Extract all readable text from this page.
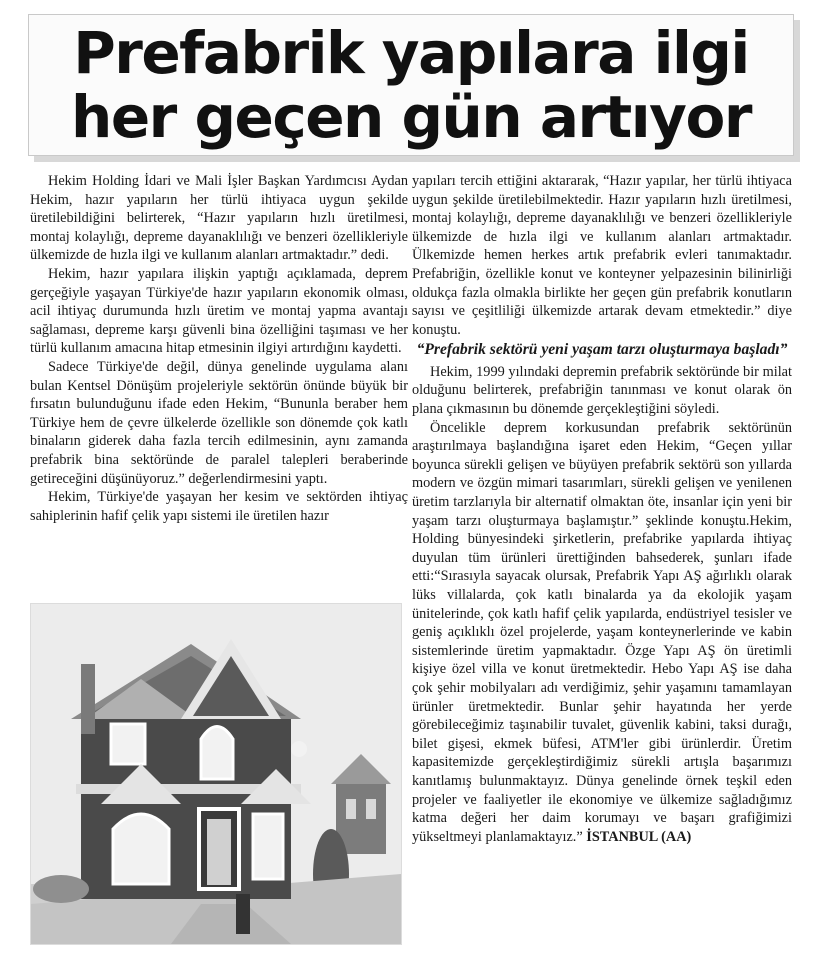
Prefabrik yapılara ilgi
her geçen gün artıyor

Hekim Holding İdari ve Mali İşler Başkan Yardımcısı Aydan Hekim, hazır yapıların her türlü ihtiyaca uygun şekilde üretilebildiğini belirterek, “Hazır yapıların hızlı üretilmesi, montaj kolaylığı, depreme dayanaklılığı ve benzeri özellikleriyle ülkemizde de hızla ilgi ve kullanım alanları artmaktadır.” dedi.

Hekim, hazır yapılara ilişkin yaptığı açıklamada, deprem gerçeğiyle yaşayan Türkiye'de hazır yapıların ekonomik olması, acil ihtiyaç durumunda hızlı üretim ve montaj yapma avantajı sağlaması, depreme karşı güvenli bina özelliğini taşıması ve her türlü kullanım amacına hitap etmesinin ilgiyi artırdığını kaydetti.

Sadece Türkiye'de değil, dünya genelinde uygulama alanı bulan Kentsel Dönüşüm projeleriyle sektörün önünde büyük bir fırsatın bulunduğunu ifade eden Hekim, “Bununla beraber hem Türkiye hem de çevre ülkelerde özellikle son dönemde çok katlı binaların giderek daha fazla tercih edilmesinin, aynı zamanda prefabrik bina sektöründe de paralel talepleri beraberinde getireceğini düşünüyoruz.” değerlendirmesini yaptı.

Hekim, Türkiye'de yaşayan her kesim ve sektörden ihtiyaç sahiplerinin hafif çelik yapı sistemi ile üretilen hazır

yapıları tercih ettiğini aktararak, “Hazır yapılar, her türlü ihtiyaca uygun şekilde üretilebilmektedir. Hazır yapıların hızlı üretilmesi, montaj kolaylığı, depreme dayanaklılığı ve benzeri özellikleriyle ülkemizde de hızla ilgi ve kullanım alanları artmaktadır. Ülkemizde hemen herkes artık prefabrik evleri tanımaktadır. Prefabriğin, özellikle konut ve konteyner yelpazesinin bilinirliği oldukça fazla olmakla birlikte her geçen gün prefabrik konutların sayısı ve çeşitliliği ülkemizde artarak devam etmektedir.” diye konuştu.

“Prefabrik sektörü yeni yaşam tarzı oluşturmaya başladı”

Hekim, 1999 yılındaki depremin prefabrik sektöründe bir milat olduğunu belirterek, prefabriğin tanınması ve konut olarak ön plana çıkmasının bu dönemde gerçekleştiğini söyledi.

Öncelikle deprem korkusundan prefabrik sektörünün araştırılmaya başlandığına işaret eden Hekim, “Geçen yıllar boyunca sürekli gelişen ve büyüyen prefabrik sektörü son yıllarda modern ve özgün mimari tasarımları, sürekli gelişen ve yenilenen üretim tarzlarıyla bir alternatif olmaktan öte, insanlar için yeni bir yaşam tarzı oluşturmaya başlamıştır.” şeklinde konuştu.Hekim, Holding bünyesindeki şirketlerin, prefabrike yapılarda ihtiyaç duyulan tüm ürünleri ürettiğinden bahsederek, şunları ifade etti:“Sırasıyla sayacak olursak, Prefabrik Yapı AŞ ağırlıklı olarak lüks villalarda, çok katlı binalarda ya da ekolojik yaşam ünitelerinde, çok katlı hafif çelik yapılarda, endüstriyel tesisler ve geniş açıklıklı özel projelerde, yaşam konteynerlerinde ve kabin sistemlerinde üretim yapmaktadır. Özge Yapı AŞ ön üretimli kişiye özel villa ve konut üretmektedir. Hebo Yapı AŞ ise daha çok şehir mobilyaları adı verdiğimiz, şehir yaşamını tamamlayan ürünler üretmektedir. Bunlar şehir hayatında her yerde görebileceğimiz taşınabilir tuvalet, güvenlik kabini, taksi durağı, bilet gişesi, ekmek büfesi, ATM'ler gibi ürünlerdir. Üretim kapasitemizde gerçekleştirdiğimiz sürekli artışla başarımızı kanıtlamış bulunmaktayız. Dünya genelinde örnek teşkil eden projeler ve faaliyetler ile ekonomiye ve ülkemize sağladığımız katma değeri her daim korumayı ve başarı grafiğimizi yükseltmeyi planlamaktayız.” İSTANBUL (AA)
